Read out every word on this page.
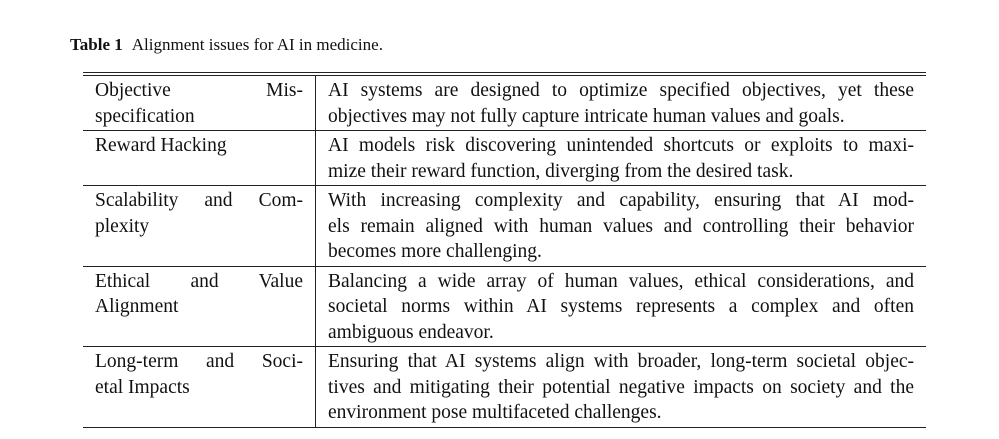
Table 1 Alignment issues for AI in medicine.
Objective Mis-
specification	AI systems are designed to optimize specified objectives, yet these
objectives may not fully capture intricate human values and goals.

Reward Hacking	AI models risk discovering unintended shortcuts or exploits to maxi-
mize their reward function, diverging from the desired task.

Scalability and Com-
plexity	With increasing complexity and capability, ensuring that AI mod-
els remain aligned with human values and controlling their behavior
becomes more challenging.

Ethical and Value
Alignment	Balancing a wide array of human values, ethical considerations, and
societal norms within AI systems represents a complex and often
ambiguous endeavor.

Long-term and Soci-
etal Impacts	Ensuring that AI systems align with broader, long-term societal objec-
tives and mitigating their potential negative impacts on society and the
environment pose multifaceted challenges.
